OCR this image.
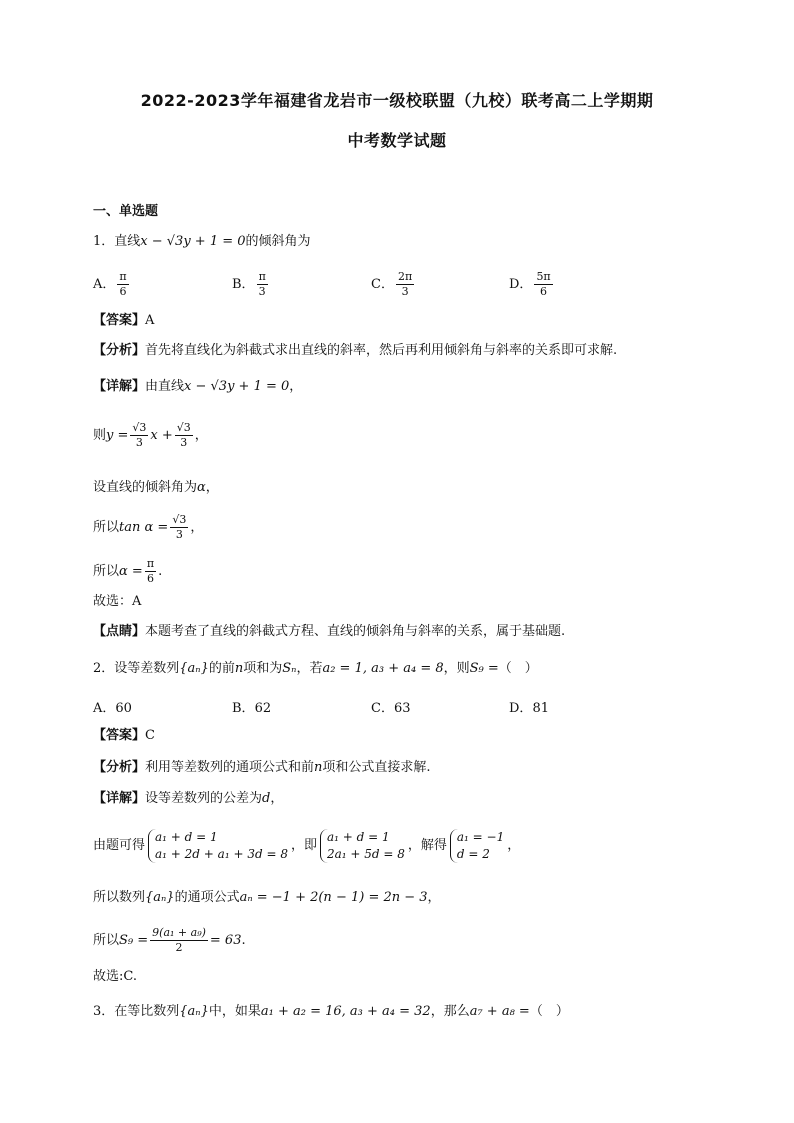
2022-2023学年福建省龙岩市一级校联盟（九校）联考高二上学期期
中考数学试题
一、单选题
1．直线x − √3y + 1 = 0的倾斜角为
A． $\frac{\pi}{6}$	B． $\frac{\pi}{3}$	C． $\frac{2\pi}{3}$	D． $\frac{5\pi}{6}$
【答案】A
【分析】首先将直线化为斜截式求出直线的斜率，然后再利用倾斜角与斜率的关系即可求解.
【详解】由直线x − √3y + 1 = 0，
则$y = \frac{√3}{3}$ $x + \frac{√3}{3}$ ，
设直线的倾斜角为α，
所以$\tan \alpha = \frac{√3}{3}$ ，
所以$\alpha = \frac{\pi}{6}$ .
故选：A
【点睛】本题考查了直线的斜截式方程、直线的倾斜角与斜率的关系，属于基础题.
2．设等差数列{aₙ}的前n项和为Sₙ，若a₂ = 1, a₃ + a₄ = 8，则S₉ =（　）
A．60	B．62	C．63	D．81
【答案】C
【分析】利用等差数列的通项公式和前n项和公式直接求解.
【详解】设等差数列的公差为d，
由题可得
a₁ + d = 1
a₁ + 2d + a₁ + 3d = 8
，即
a₁ + d = 1
2a₁ + 5d = 8
，解得
a₁ = −1
d = 2
，
所以数列{aₙ}的通项公式aₙ = −1 + 2(n − 1) = 2n − 3，
所以$S_9 = \frac{\text{9(a₁ + a₉)}}{2} = 63$.
故选:C.
3．在等比数列{aₙ}中，如果a₁ + a₂ = 16, a₃ + a₄ = 32，那么a₇ + a₈ =（　）
